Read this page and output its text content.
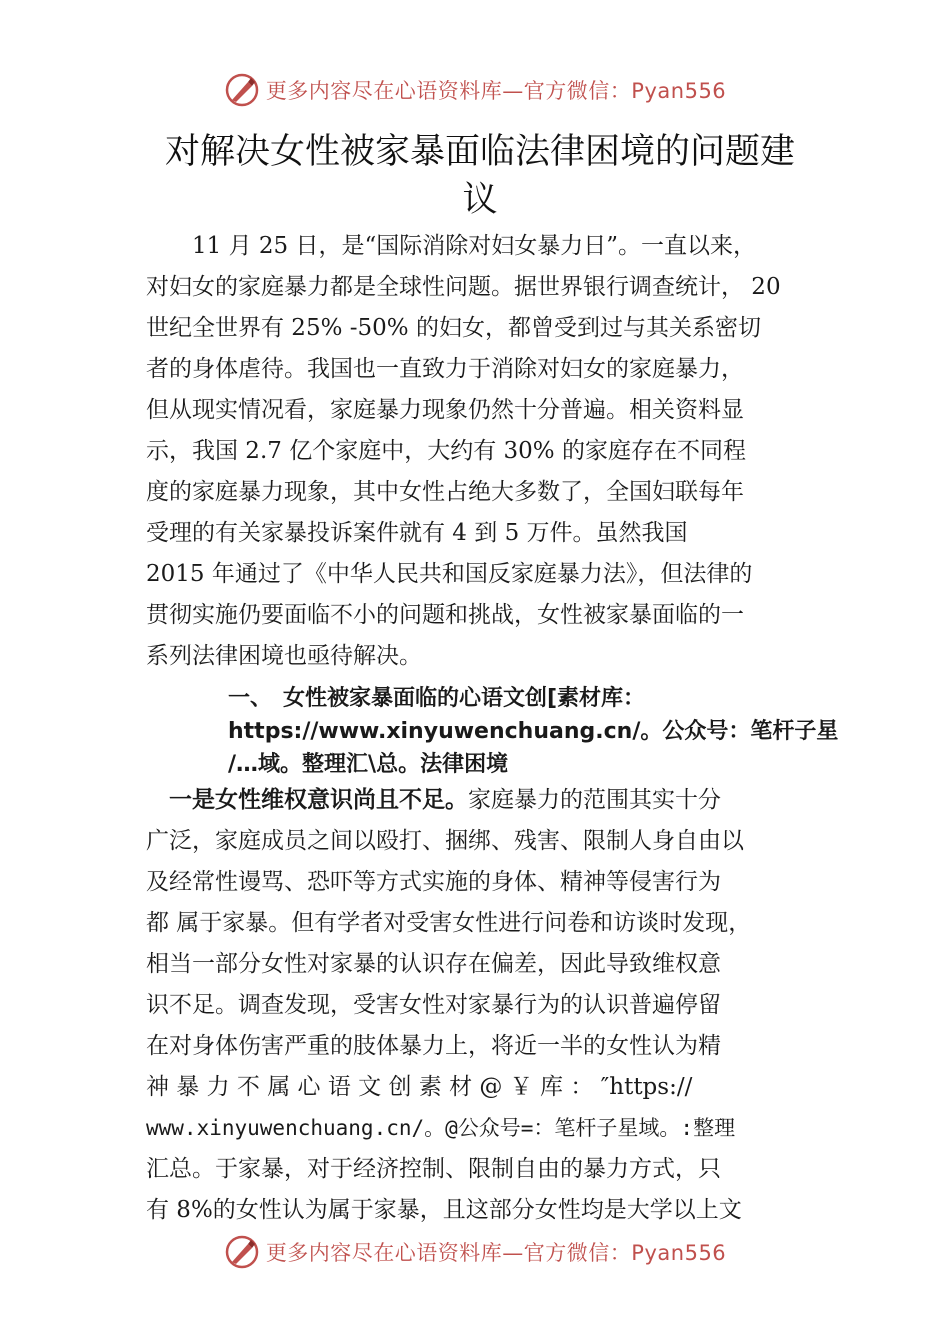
更多内容尽在心语资料库—官方微信：Pyan556
对解决女性被家暴面临法律困境的问题建
议
　　11 月 25 日，是“国际消除对妇女暴力日”。一直以来，
对妇女的家庭暴力都是全球性问题。据世界银行调查统计， 20
世纪全世界有 25% -50% 的妇女，都曾受到过与其关系密切
者的身体虐待。我国也一直致力于消除对妇女的家庭暴力，
但从现实情况看，家庭暴力现象仍然十分普遍。相关资料显
示，我国 2.7 亿个家庭中，大约有 30% 的家庭存在不同程
度的家庭暴力现象，其中女性占绝大多数了，全国妇联每年
受理的有关家暴投诉案件就有 4 到 5 万件。虽然我国
2015 年通过了《中华人民共和国反家庭暴力法》，但法律的
贯彻实施仍要面临不小的问题和挑战，女性被家暴面临的一
系列法律困境也亟待解决。
一、　女性被家暴面临的心语文创[素材库：
https://www.xinyuwenchuang.cn/。公众号：笔杆子星
/…域。整理汇\总。法律困境
　一是女性维权意识尚且不足。家庭暴力的范围其实十分
广泛，家庭成员之间以殴打、捆绑、残害、限制人身自由以
及经常性谩骂、恐吓等方式实施的身体、精神等侵害行为
都 属于家暴。但有学者对受害女性进行问卷和访谈时发现，
相当一部分女性对家暴的认识存在偏差，因此导致维权意
识不足。调查发现，受害女性对家暴行为的认识普遍停留
在对身体伤害严重的肢体暴力上，将近一半的女性认为精
神 暴 力 不 属 心 语 文 创 素 材 @ ￥ 库 ： ″https://
www.xinyuwenchuang.cn/。@公众号=：笔杆子星域。:整理
汇总。于家暴，对于经济控制、限制自由的暴力方式，只
有 8%的女性认为属于家暴，且这部分女性均是大学以上文
更多内容尽在心语资料库—官方微信：Pyan556
